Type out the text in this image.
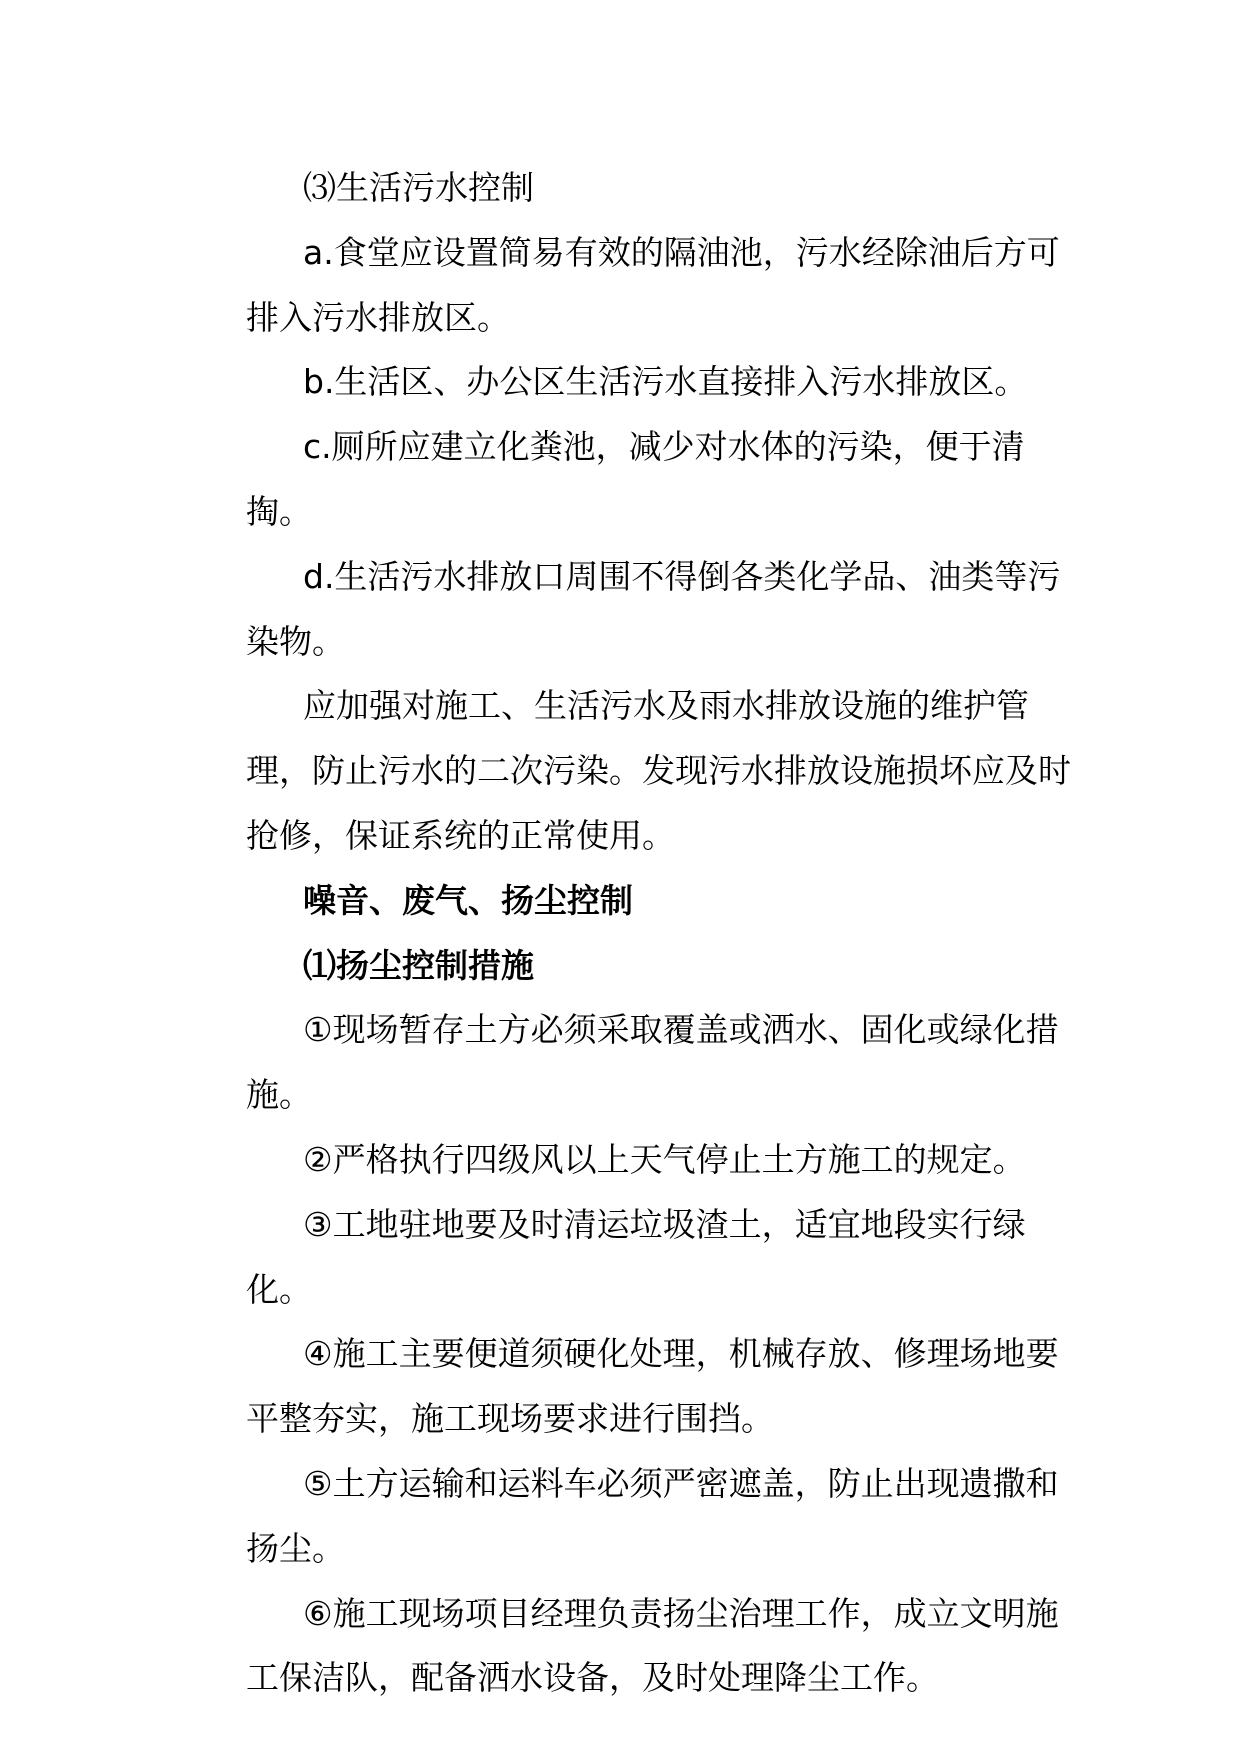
⑶生活污水控制

a.食堂应设置简易有效的隔油池，污水经除油后方可排入污水排放区。

b.生活区、办公区生活污水直接排入污水排放区。

c.厕所应建立化粪池，减少对水体的污染，便于清掏。

d.生活污水排放口周围不得倒各类化学品、油类等污染物。

应加强对施工、生活污水及雨水排放设施的维护管理，防止污水的二次污染。发现污水排放设施损坏应及时抢修，保证系统的正常使用。

噪音、废气、扬尘控制

⑴扬尘控制措施

①现场暂存土方必须采取覆盖或洒水、固化或绿化措施。

②严格执行四级风以上天气停止土方施工的规定。

③工地驻地要及时清运垃圾渣土，适宜地段实行绿化。

④施工主要便道须硬化处理，机械存放、修理场地要平整夯实，施工现场要求进行围挡。

⑤土方运输和运料车必须严密遮盖，防止出现遗撒和扬尘。

⑥施工现场项目经理负责扬尘治理工作，成立文明施工保洁队，配备洒水设备，及时处理降尘工作。
